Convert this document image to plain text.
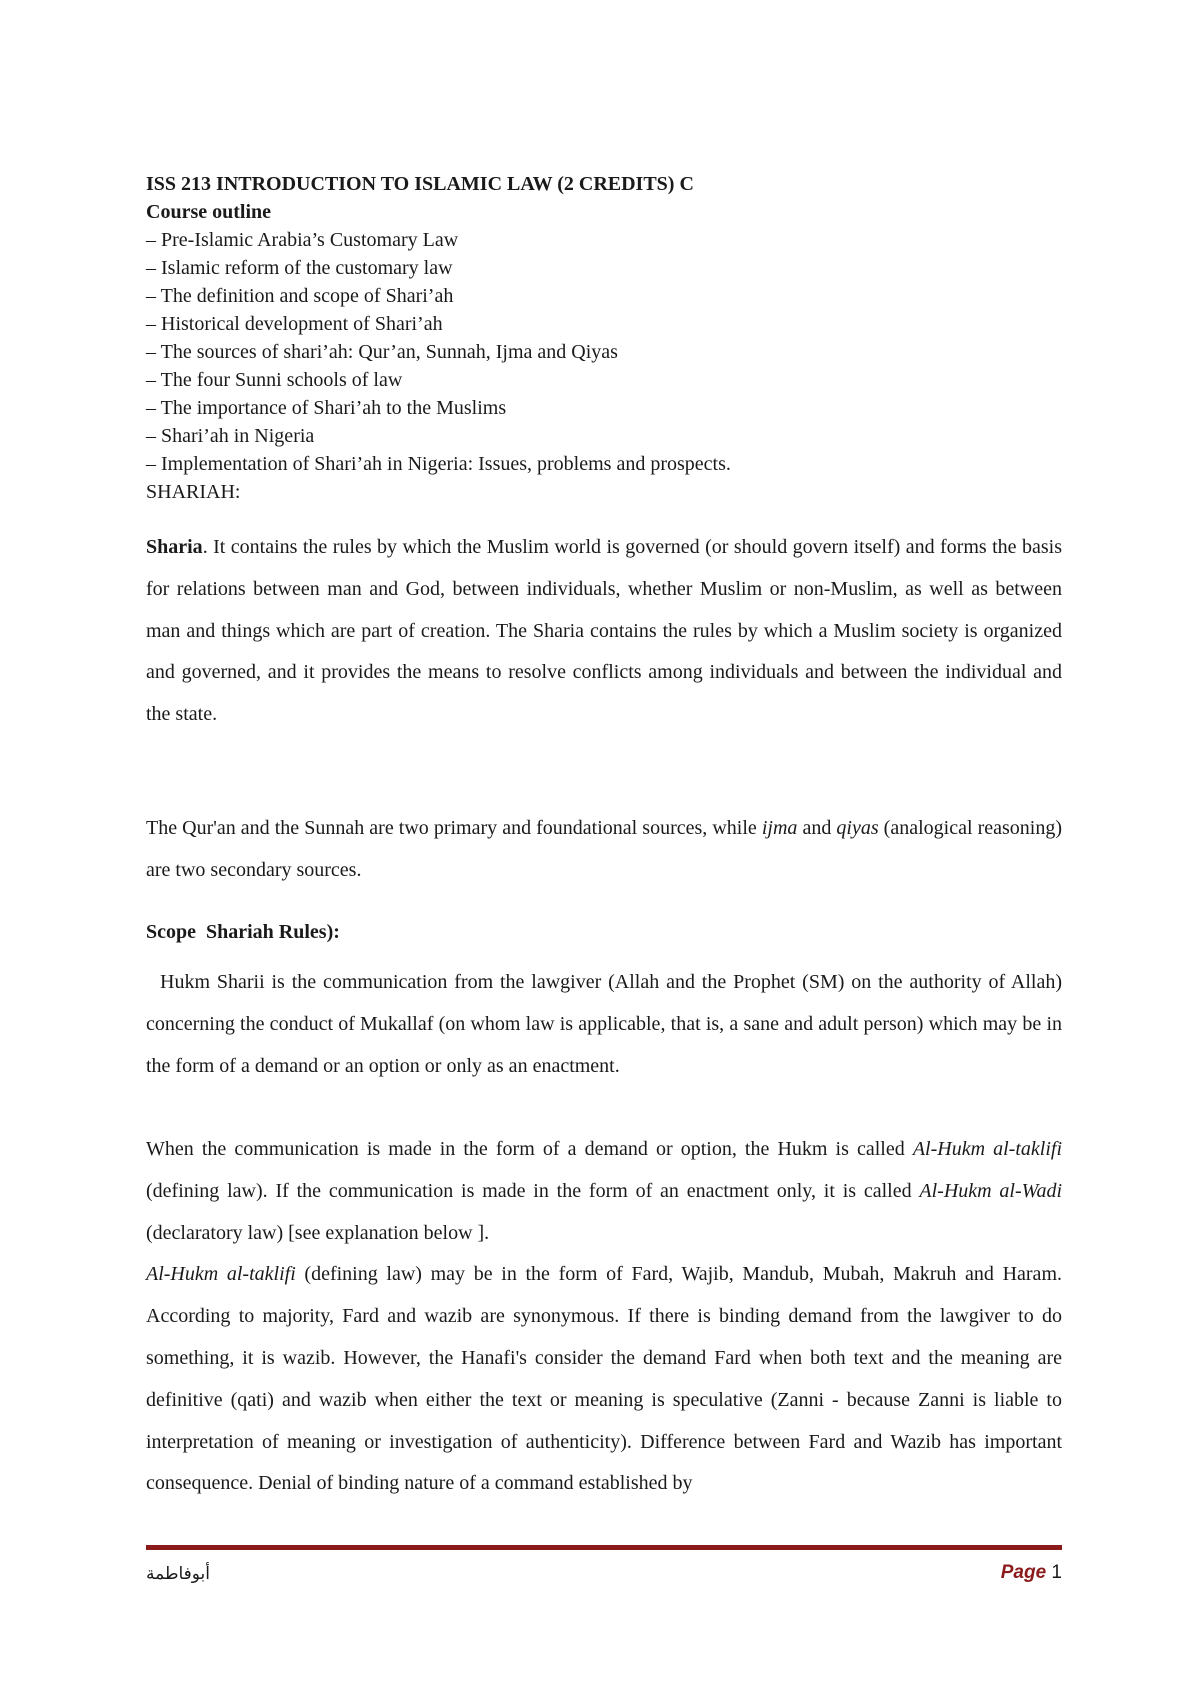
ISS 213 INTRODUCTION TO ISLAMIC LAW (2 CREDITS) C
Course outline
– Pre-Islamic Arabia’s Customary Law
– Islamic reform of the customary law
– The definition and scope of Shari’ah
– Historical development of Shari’ah
– The sources of shari’ah: Qur’an, Sunnah, Ijma and Qiyas
– The four Sunni schools of law
– The importance of Shari’ah to the Muslims
– Shari’ah in Nigeria
– Implementation of Shari’ah in Nigeria: Issues, problems and prospects.
SHARIAH:
Sharia. It contains the rules by which the Muslim world is governed (or should govern itself) and forms the basis for relations between man and God, between individuals, whether Muslim or non-Muslim, as well as between man and things which are part of creation. The Sharia contains the rules by which a Muslim society is organized and governed, and it provides the means to resolve conflicts among individuals and between the individual and the state.
The Qur'an and the Sunnah are two primary and foundational sources, while ijma and qiyas (analogical reasoning) are two secondary sources.
Scope  Shariah Rules):
Hukm Sharii is the communication from the lawgiver (Allah and the Prophet (SM) on the authority of Allah) concerning the conduct of Mukallaf (on whom law is applicable, that is, a sane and adult person) which may be in the form of a demand or an option or only as an enactment.
When the communication is made in the form of a demand or option, the Hukm is called Al-Hukm al-taklifi (defining law). If the communication is made in the form of an enactment only, it is called Al-Hukm al-Wadi (declaratory law) [see explanation below ].
Al-Hukm al-taklifi (defining law) may be in the form of Fard, Wajib, Mandub, Mubah, Makruh and Haram. According to majority, Fard and wazib are synonymous. If there is binding demand from the lawgiver to do something, it is wazib. However, the Hanafi's consider the demand Fard when both text and the meaning are definitive (qati) and wazib when either the text or meaning is speculative (Zanni - because Zanni is liable to interpretation of meaning or investigation of authenticity). Difference between Fard and Wazib has important consequence. Denial of binding nature of a command established by
أبوفاطمة	Page 1
